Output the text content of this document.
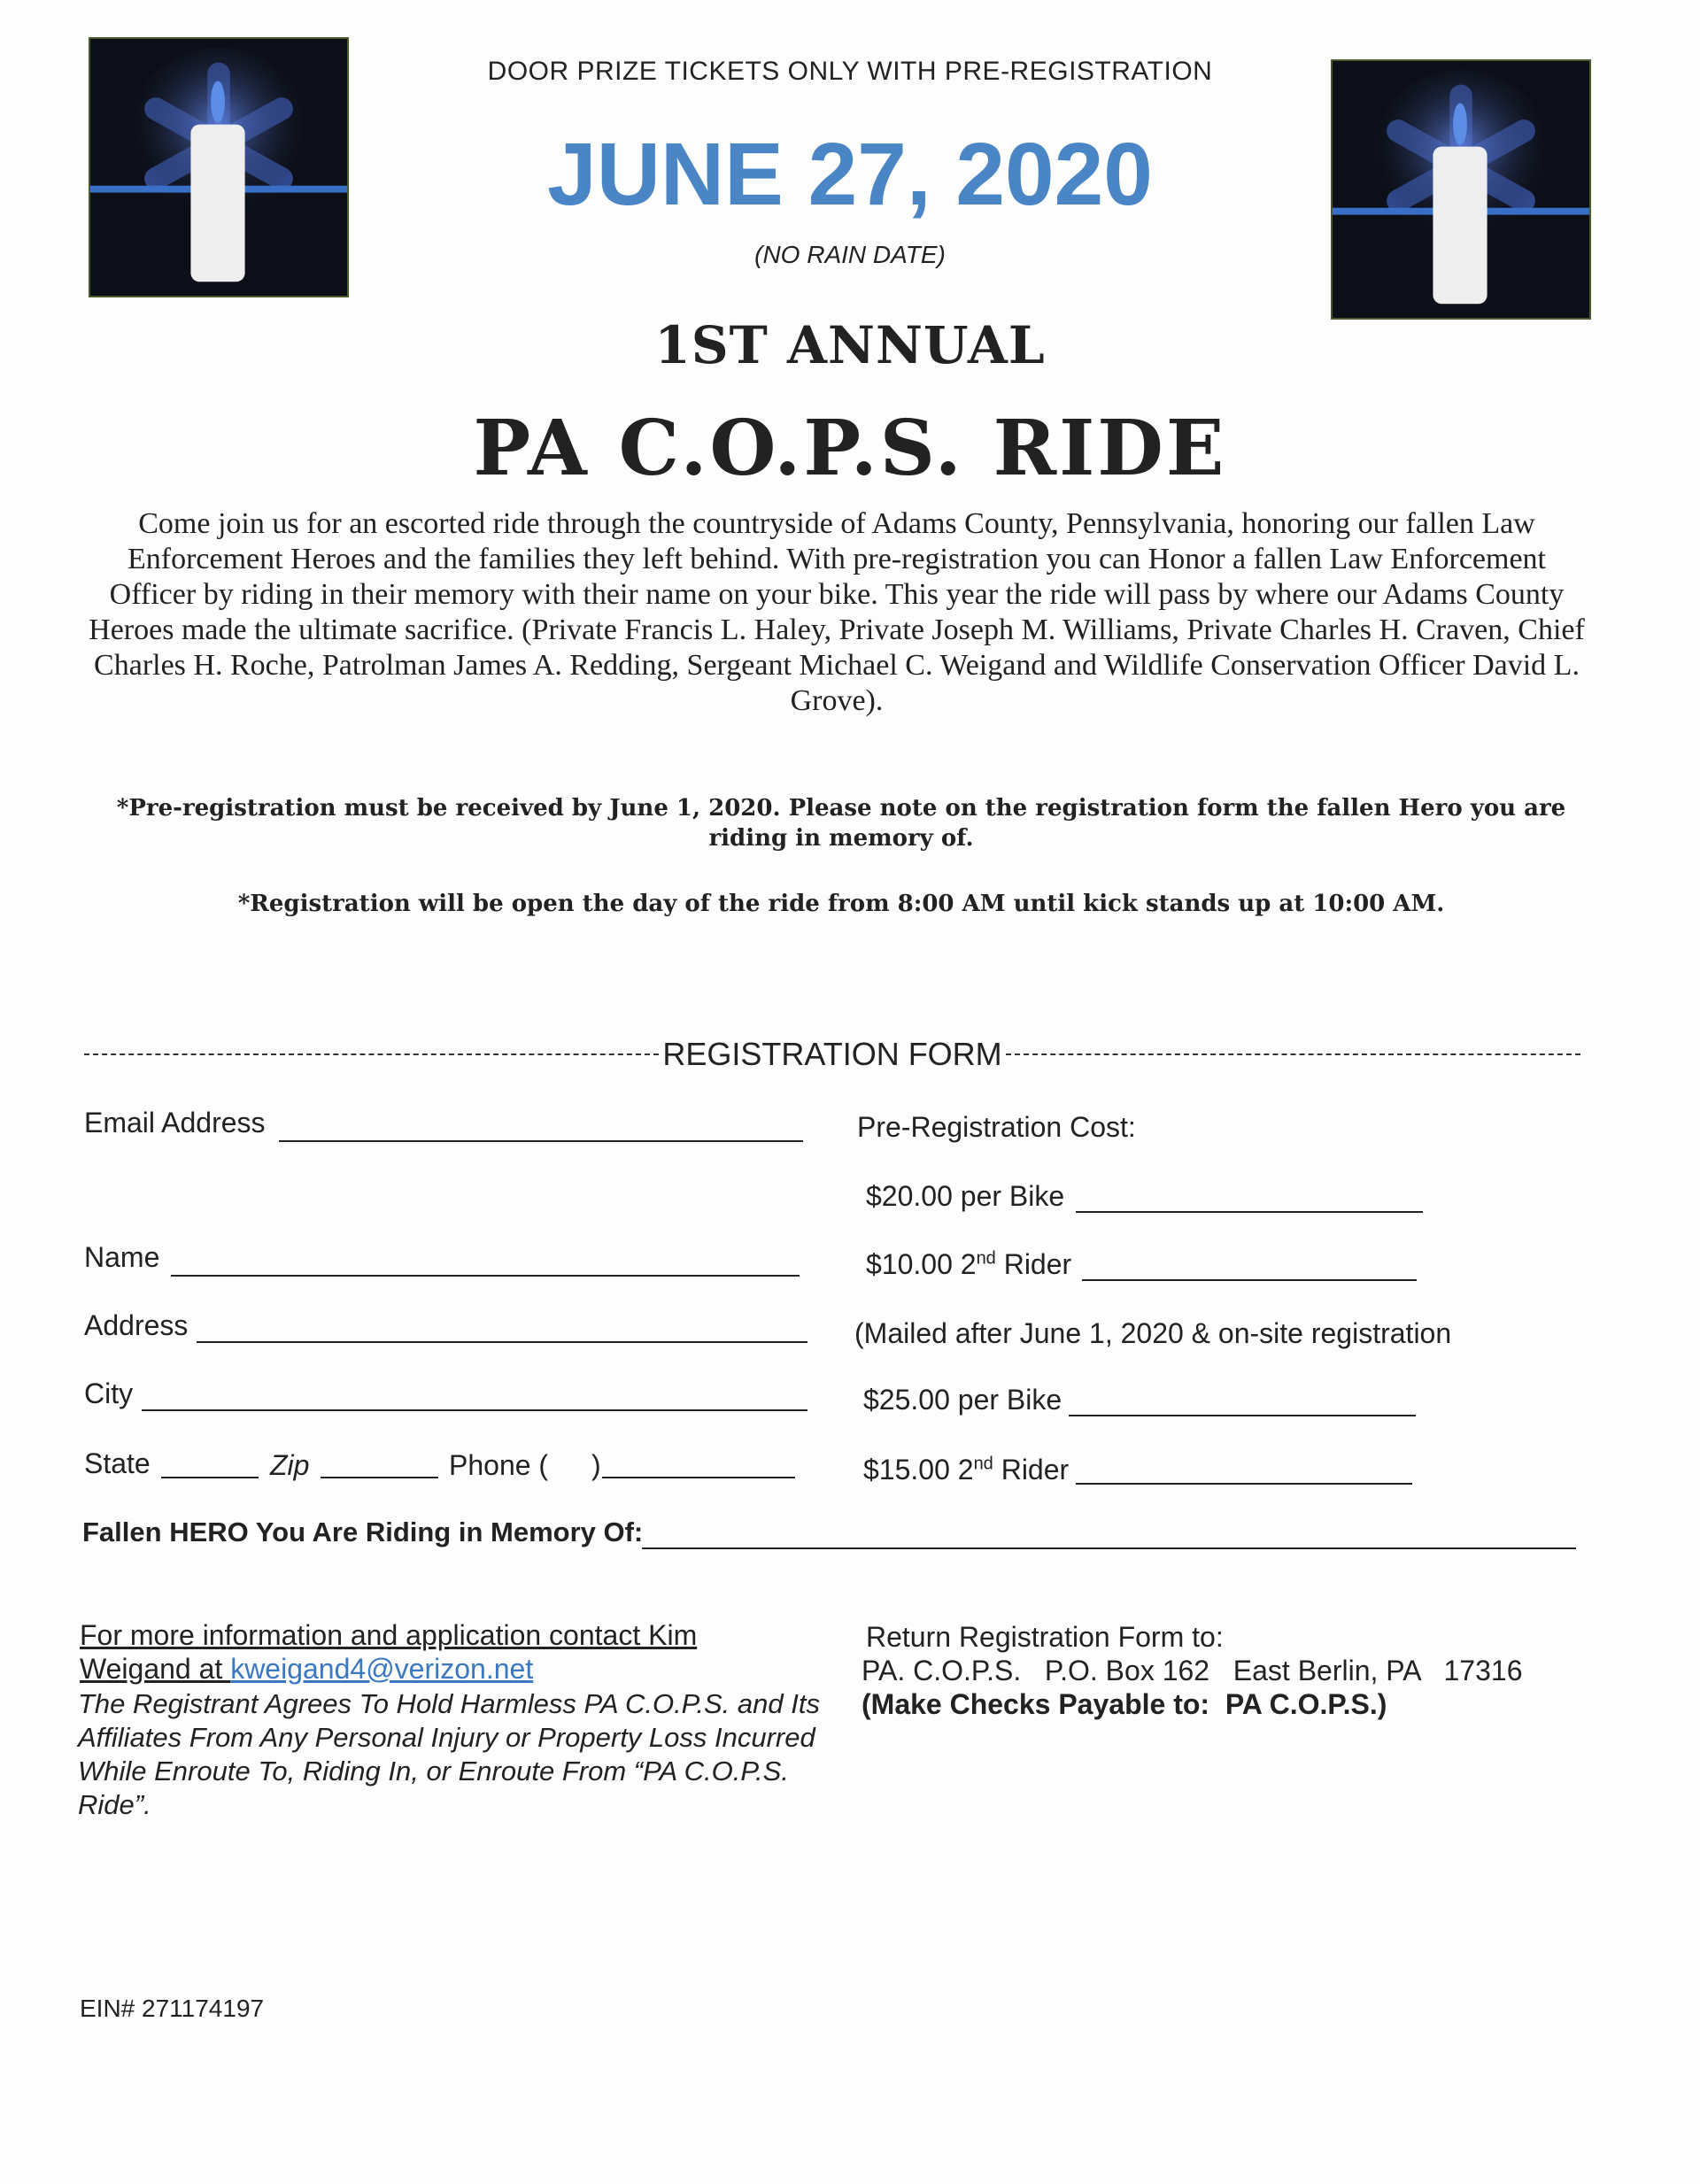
DOOR PRIZE TICKETS ONLY WITH PRE-REGISTRATION
JUNE 27, 2020
(NO RAIN DATE)
1ST ANNUAL
PA C.O.P.S. RIDE
Come join us for an escorted ride through the countryside of Adams County, Pennsylvania, honoring our fallen Law Enforcement Heroes and the families they left behind. With pre-registration you can Honor a fallen Law Enforcement Officer by riding in their memory with their name on your bike. This year the ride will pass by where our Adams County Heroes made the ultimate sacrifice. (Private Francis L. Haley, Private Joseph M. Williams, Private Charles H. Craven, Chief Charles H. Roche, Patrolman James A. Redding, Sergeant Michael C. Weigand and Wildlife Conservation Officer David L. Grove).
*Pre-registration must be received by June 1, 2020. Please note on the registration form the fallen Hero you are riding in memory of.
*Registration will be open the day of the ride from 8:00 AM until kick stands up at 10:00 AM.
REGISTRATION FORM
Email Address
Name
Address
City
State	Zip	Phone ( )
Pre-Registration Cost:
$20.00 per Bike
$10.00 2nd Rider
(Mailed after June 1, 2020 & on-site registration
$25.00 per Bike
$15.00 2nd Rider
Fallen HERO You Are Riding in Memory Of:
For more information and application contact Kim
Weigand at kweigand4@verizon.net
The Registrant Agrees To Hold Harmless PA C.O.P.S. and Its Affiliates From Any Personal Injury or Property Loss Incurred While Enroute To, Riding In, or Enroute From “PA C.O.P.S. Ride”.
Return Registration Form to:
PA. C.O.P.S.   P.O. Box 162   East Berlin, PA   17316
(Make Checks Payable to:  PA C.O.P.S.)
EIN# 271174197
